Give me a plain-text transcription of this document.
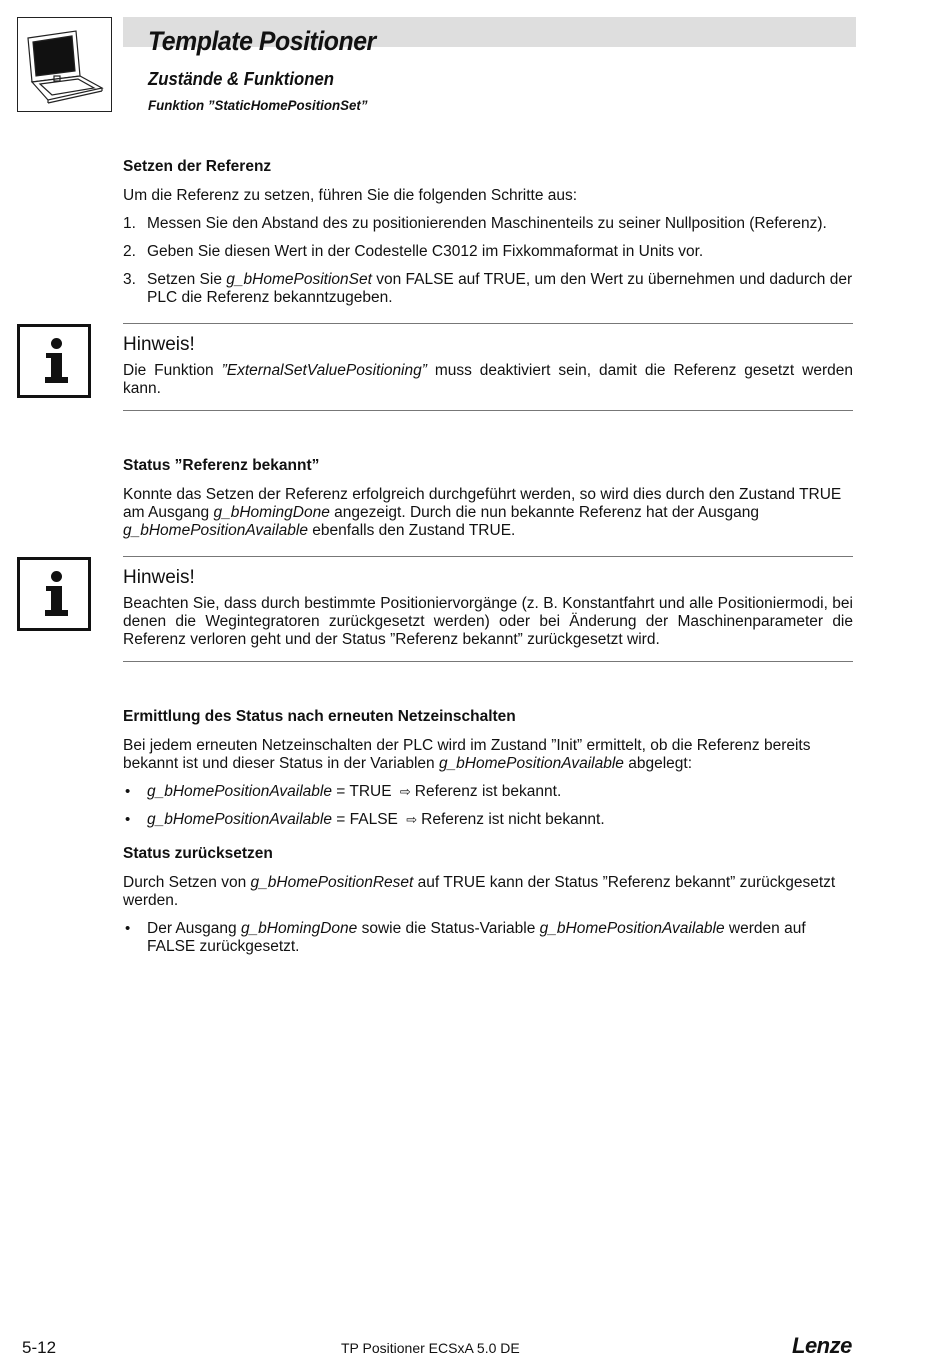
Template Positioner
Zustände & Funktionen
Funktion ”StaticHomePositionSet”
Setzen der Referenz

Um die Referenz zu setzen, führen Sie die folgenden Schritte aus:

1. Messen Sie den Abstand des zu positionierenden Maschinenteils zu seiner Nullposition (Referenz).
2. Geben Sie diesen Wert in der Codestelle C3012 im Fixkommaformat in Units vor.
3. Setzen Sie g_bHomePositionSet von FALSE auf TRUE, um den Wert zu übernehmen und dadurch der PLC die Referenz bekanntzugeben.
Hinweis!

Die Funktion ”ExternalSetValuePositioning” muss deaktiviert sein, damit die Referenz gesetzt werden kann.

Status ”Referenz bekannt”

Konnte das Setzen der Referenz erfolgreich durchgeführt werden, so wird dies durch den Zustand TRUE am Ausgang g_bHomingDone angezeigt. Durch die nun bekannte Referenz hat der Ausgang g_bHomePositionAvailable ebenfalls den Zustand TRUE.

Hinweis!

Beachten Sie, dass durch bestimmte Positioniervorgänge (z. B. Konstantfahrt und alle Positioniermodi, bei denen die Wegintegratoren zurückgesetzt werden) oder bei Änderung der Maschinenparameter die Referenz verloren geht und der Status ”Referenz bekannt” zurückgesetzt wird.

Ermittlung des Status nach erneuten Netzeinschalten

Bei jedem erneuten Netzeinschalten der PLC wird im Zustand ”Init” ermittelt, ob die Referenz bereits bekannt ist und dieser Status in der Variablen g_bHomePositionAvailable abgelegt:

• g_bHomePositionAvailable = TRUE ⇨ Referenz ist bekannt.
• g_bHomePositionAvailable = FALSE ⇨ Referenz ist nicht bekannt.
Status zurücksetzen

Durch Setzen von g_bHomePositionReset auf TRUE kann der Status ”Referenz bekannt” zurückgesetzt werden.

• Der Ausgang g_bHomingDone sowie die Status-Variable g_bHomePositionAvailable werden auf FALSE zurückgesetzt.
5-12	TP Positioner ECSxA 5.0 DE	Lenze
